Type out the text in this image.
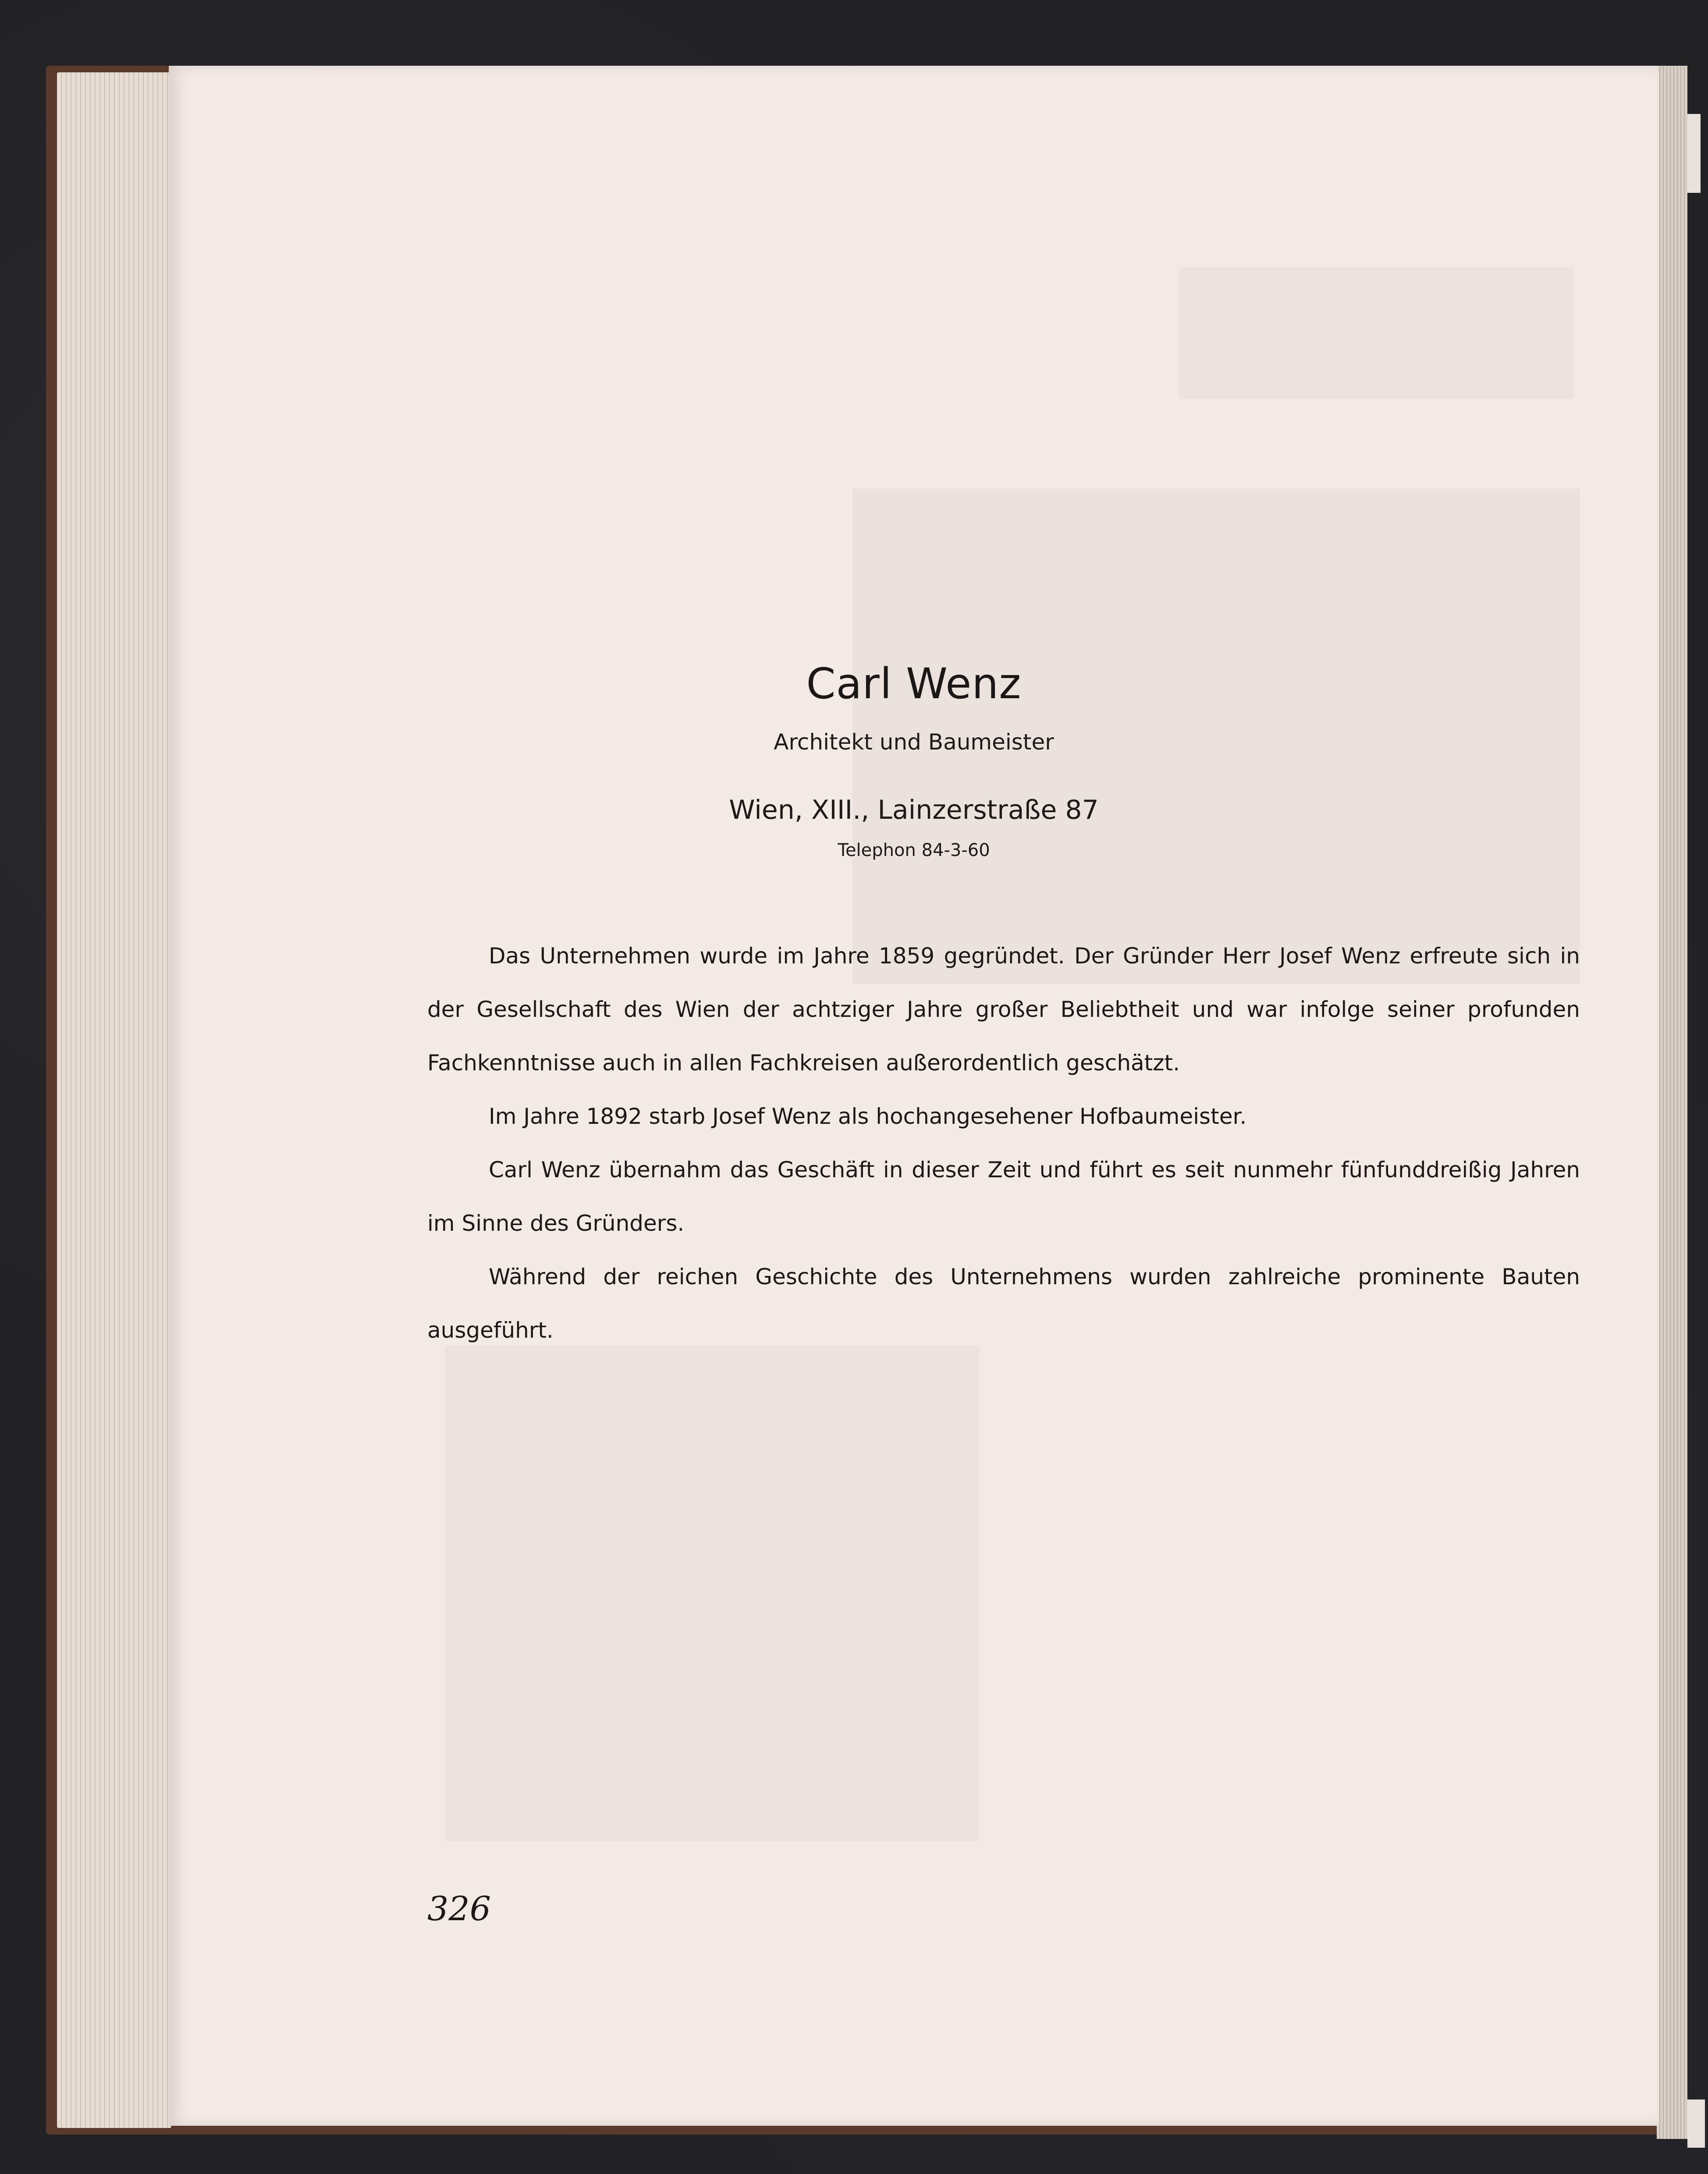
Carl Wenz
Architekt und Baumeister
Wien, XIII., Lainzerstraße 87
Telephon 84-3-60

Das Unternehmen wurde im Jahre 1859 gegründet. Der Gründer Herr Josef Wenz erfreute sich in der Gesellschaft des Wien der achtziger Jahre großer Beliebtheit und war infolge seiner profunden Fachkenntnisse auch in allen Fachkreisen außerordentlich geschätzt.

Im Jahre 1892 starb Josef Wenz als hochangesehener Hofbaumeister.

Carl Wenz übernahm das Geschäft in dieser Zeit und führt es seit nunmehr fünfunddreißig Jahren im Sinne des Gründers.

Während der reichen Geschichte des Unternehmens wurden zahlreiche prominente Bauten ausgeführt.

326
